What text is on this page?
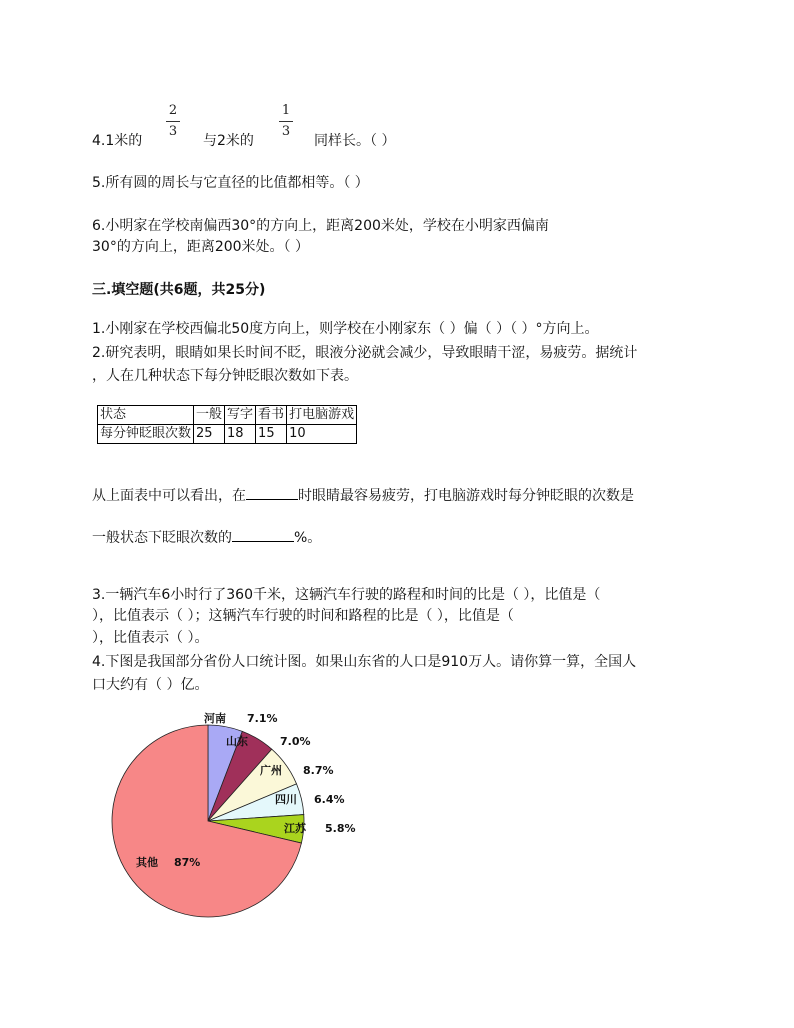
4.1米的
2
3
与2米的
1
3
同样长。（ ）
5.所有圆的周长与它直径的比值都相等。（ ）
6.小明家在学校南偏西30°的方向上，距离200米处，学校在小明家西偏南
30°的方向上，距离200米处。（ ）
三.填空题(共6题，共25分)
1.小刚家在学校西偏北50度方向上，则学校在小刚家东（ ）偏（ ）（ ）°方向上。
2.研究表明，眼睛如果长时间不眨，眼液分泌就会减少，导致眼睛干涩，易疲劳。据统计
，人在几种状态下每分钟眨眼次数如下表。
状态	一般	写字	看书	打电脑游戏
每分钟眨眼次数	25	18	15	10
从上面表中可以看出，在	时眼睛最容易疲劳，打电脑游戏时每分钟眨眼的次数是
一般状态下眨眼次数的	%。
3.一辆汽车6小时行了360千米，这辆汽车行驶的路程和时间的比是（ ），比值是（
），比值表示（ ）；这辆汽车行驶的时间和路程的比是（ ），比值是（
），比值表示（ ）。
4.下图是我国部分省份人口统计图。如果山东省的人口是910万人。请你算一算，全国人
口大约有（ ）亿。
河南 7.1%
山东	7.0%
广州 8.7%
四川 6.4%
江苏 5.8%
其他 87%
